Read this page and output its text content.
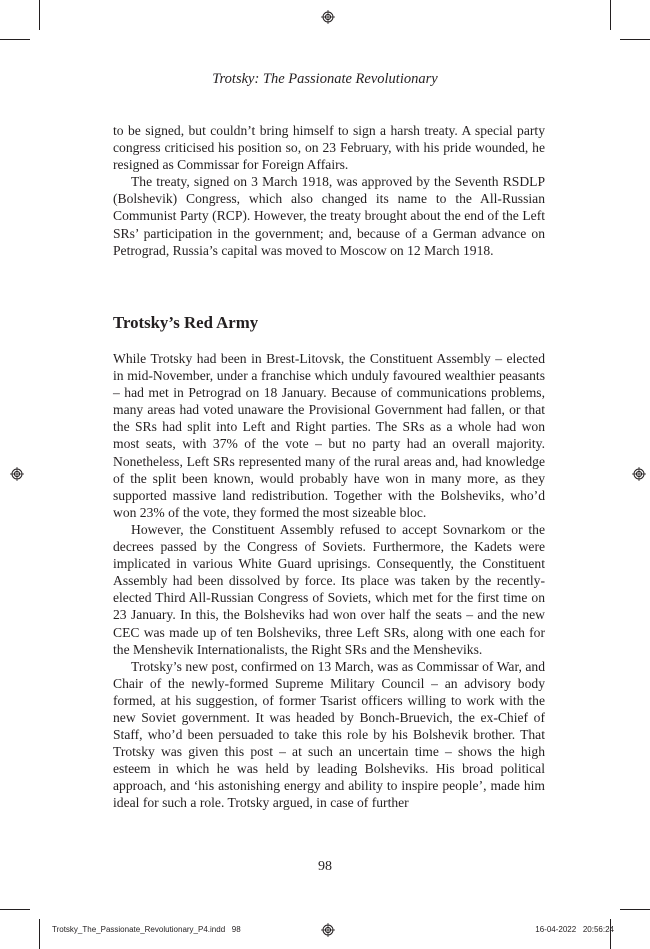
Trotsky: The Passionate Revolutionary

to be signed, but couldn’t bring himself to sign a harsh treaty. A special party congress criticised his position so, on 23 February, with his pride wounded, he resigned as Commissar for Foreign Affairs.

The treaty, signed on 3 March 1918, was approved by the Seventh RSDLP (Bolshevik) Congress, which also changed its name to the All-Russian Communist Party (RCP). However, the treaty brought about the end of the Left SRs’ participation in the government; and, because of a German advance on Petrograd, Russia’s capital was moved to Moscow on 12 March 1918.

Trotsky’s Red Army

While Trotsky had been in Brest-Litovsk, the Constituent Assembly – elected in mid-November, under a franchise which unduly favoured wealthier peasants – had met in Petrograd on 18 January. Because of communications problems, many areas had voted unaware the Provisional Government had fallen, or that the SRs had split into Left and Right parties. The SRs as a whole had won most seats, with 37% of the vote – but no party had an overall majority. Nonetheless, Left SRs represented many of the rural areas and, had knowledge of the split been known, would probably have won in many more, as they supported massive land redistribution. Together with the Bolsheviks, who’d won 23% of the vote, they formed the most sizeable bloc.

However, the Constituent Assembly refused to accept Sovnarkom or the decrees passed by the Congress of Soviets. Furthermore, the Kadets were implicated in various White Guard uprisings. Consequently, the Constituent Assembly had been dissolved by force. Its place was taken by the recently-elected Third All-Russian Congress of Soviets, which met for the first time on 23 January. In this, the Bolsheviks had won over half the seats – and the new CEC was made up of ten Bolsheviks, three Left SRs, along with one each for the Menshevik Internationalists, the Right SRs and the Mensheviks.

Trotsky’s new post, confirmed on 13 March, was as Commissar of War, and Chair of the newly-formed Supreme Military Council – an advisory body formed, at his suggestion, of former Tsarist officers willing to work with the new Soviet government. It was headed by Bonch-Bruevich, the ex-Chief of Staff, who’d been persuaded to take this role by his Bolshevik brother. That Trotsky was given this post – at such an uncertain time – shows the high esteem in which he was held by leading Bolsheviks. His broad political approach, and ‘his astonishing energy and ability to inspire people’, made him ideal for such a role. Trotsky argued, in case of further

98
Trotsky_The_Passionate_Revolutionary_P4.indd   98	16-04-2022   20:56:24
